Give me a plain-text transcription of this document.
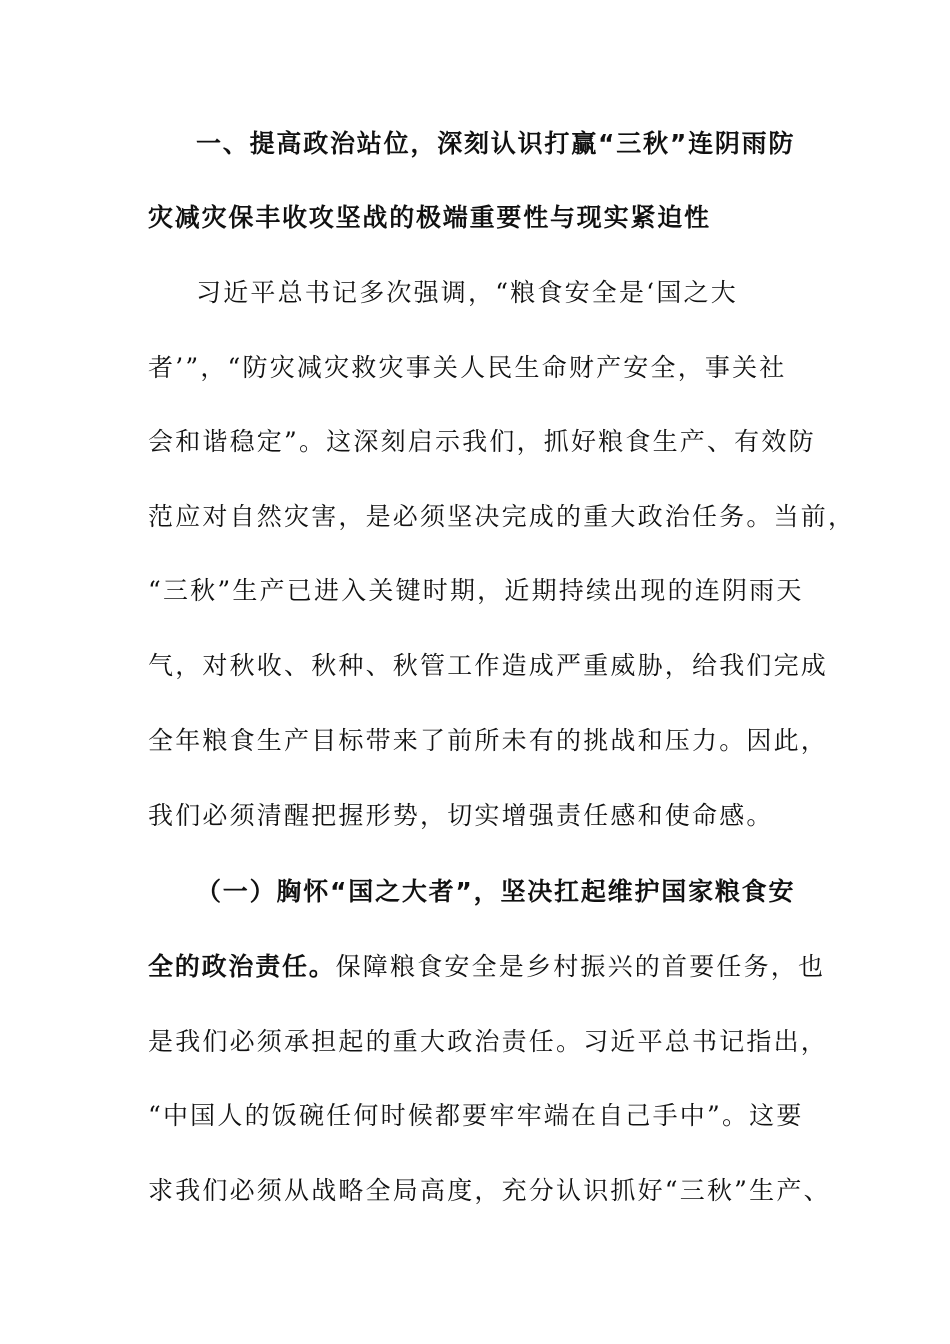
一、提高政治站位，深刻认识打赢“三秋”连阴雨防
灾减灾保丰收攻坚战的极端重要性与现实紧迫性
习近平总书记多次强调，“粮食安全是‘国之大
者’”，“防灾减灾救灾事关人民生命财产安全，事关社
会和谐稳定”。这深刻启示我们，抓好粮食生产、有效防
范应对自然灾害，是必须坚决完成的重大政治任务。当前，
“三秋”生产已进入关键时期，近期持续出现的连阴雨天
气，对秋收、秋种、秋管工作造成严重威胁，给我们完成
全年粮食生产目标带来了前所未有的挑战和压力。因此，
我们必须清醒把握形势，切实增强责任感和使命感。
（一）胸怀“国之大者”，坚决扛起维护国家粮食安
全的政治责任。保障粮食安全是乡村振兴的首要任务，也
是我们必须承担起的重大政治责任。习近平总书记指出，
“中国人的饭碗任何时候都要牢牢端在自己手中”。这要
求我们必须从战略全局高度，充分认识抓好“三秋”生产、
